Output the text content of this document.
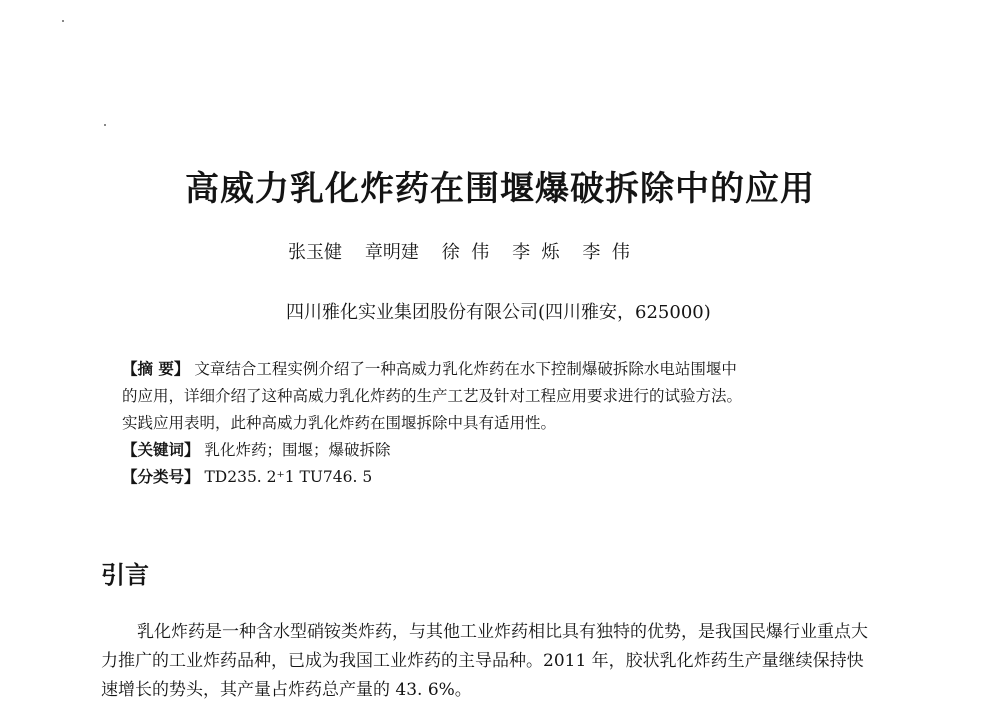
高威力乳化炸药在围堰爆破拆除中的应用
张玉健    章明建    徐  伟    李  烁    李  伟
四川雅化实业集团股份有限公司(四川雅安，625000)
【摘 要】 文章结合工程实例介绍了一种高威力乳化炸药在水下控制爆破拆除水电站围堰中
的应用，详细介绍了这种高威力乳化炸药的生产工艺及针对工程应用要求进行的试验方法。
实践应用表明，此种高威力乳化炸药在围堰拆除中具有适用性。
【关键词】 乳化炸药；围堰；爆破拆除
【分类号】 TD235. 2⁺1 TU746. 5
引言
乳化炸药是一种含水型硝铵类炸药，与其他工业炸药相比具有独特的优势，是我国民爆行业重点大
力推广的工业炸药品种，已成为我国工业炸药的主导品种。2011 年，胶状乳化炸药生产量继续保持快
速增长的势头，其产量占炸药总产量的 43. 6%。
